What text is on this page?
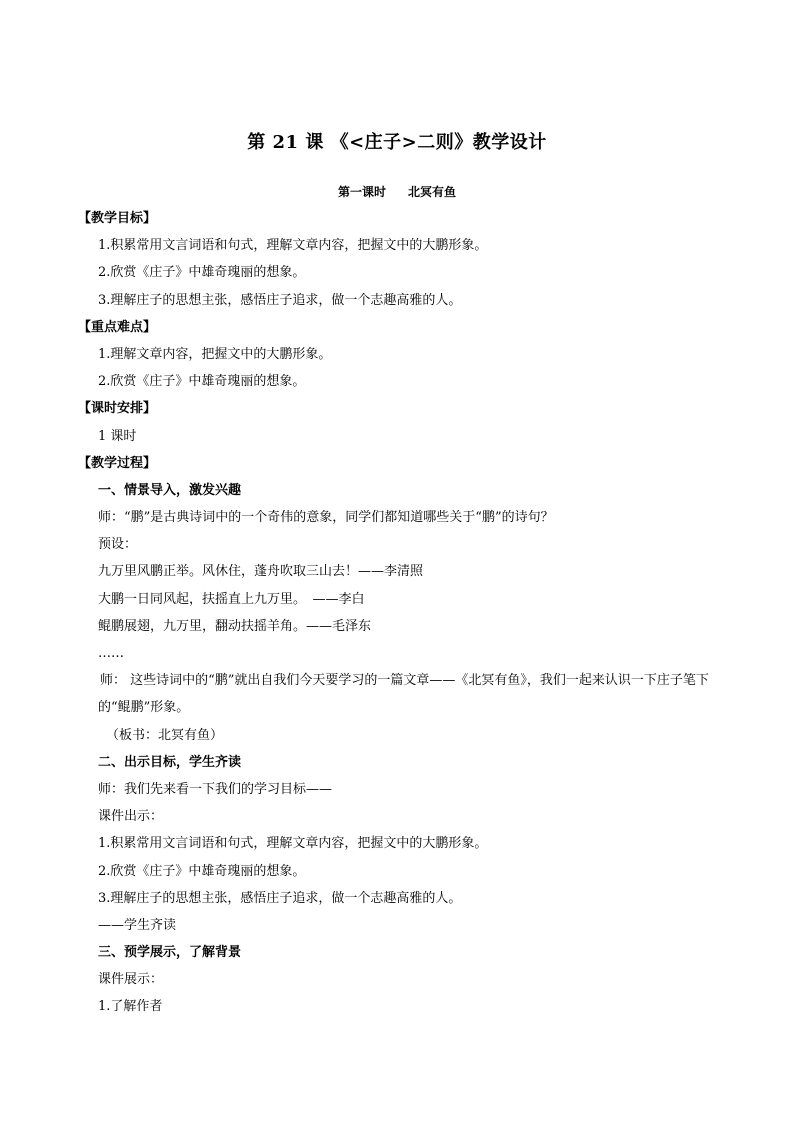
第 21 课 《<庄子>二则》教学设计
第一课时 北冥有鱼
【教学目标】
1.积累常用文言词语和句式，理解文章内容，把握文中的大鹏形象。
2.欣赏《庄子》中雄奇瑰丽的想象。
3.理解庄子的思想主张，感悟庄子追求，做一个志趣高雅的人。
【重点难点】
1.理解文章内容，把握文中的大鹏形象。
2.欣赏《庄子》中雄奇瑰丽的想象。
【课时安排】
1 课时
【教学过程】
一、情景导入，激发兴趣
师：“鹏”是古典诗词中的一个奇伟的意象，同学们都知道哪些关于“鹏”的诗句？
预设：
九万里风鹏正举。风休住，蓬舟吹取三山去！——李清照
大鹏一日同风起，扶摇直上九万里。　——李白
鲲鹏展翅，九万里，翻动扶摇羊角。——毛泽东
……
师： 这些诗词中的“鹏”就出自我们今天要学习的一篇文章——《北冥有鱼》，我们一起来认识一下庄子笔下的“鲲鹏”形象。
（板书：北冥有鱼）
二、出示目标，学生齐读
师：我们先来看一下我们的学习目标——
课件出示：
1.积累常用文言词语和句式，理解文章内容，把握文中的大鹏形象。
2.欣赏《庄子》中雄奇瑰丽的想象。
3.理解庄子的思想主张，感悟庄子追求，做一个志趣高雅的人。
——学生齐读
三、预学展示，了解背景
课件展示：
1.了解作者
